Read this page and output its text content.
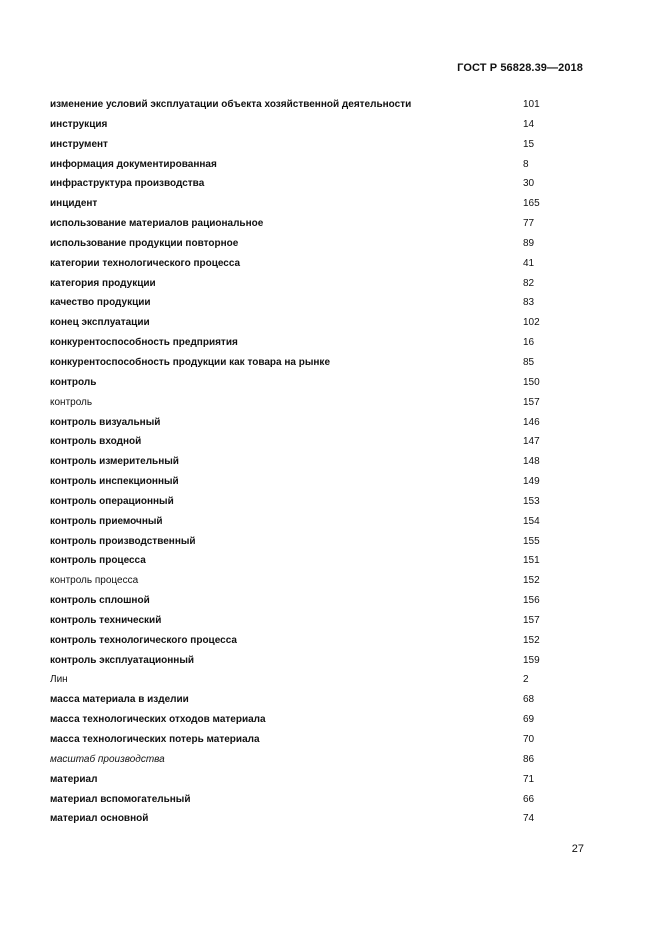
ГОСТ Р 56828.39—2018
изменение условий эксплуатации объекта хозяйственной деятельности	101
инструкция	14
инструмент	15
информация документированная	8
инфраструктура производства	30
инцидент	165
использование материалов рациональное	77
использование продукции повторное	89
категории технологического процесса	41
категория продукции	82
качество продукции	83
конец эксплуатации	102
конкурентоспособность предприятия	16
конкурентоспособность продукции как товара на рынке	85
контроль	150
контроль	157
контроль визуальный	146
контроль входной	147
контроль измерительный	148
контроль инспекционный	149
контроль операционный	153
контроль приемочный	154
контроль производственный	155
контроль процесса	151
контроль процесса	152
контроль сплошной	156
контроль технический	157
контроль технологического процесса	152
контроль эксплуатационный	159
Лин	2
масса материала в изделии	68
масса технологических отходов материала	69
масса технологических потерь материала	70
масштаб производства	86
материал	71
материал вспомогательный	66
материал основной	74
27
